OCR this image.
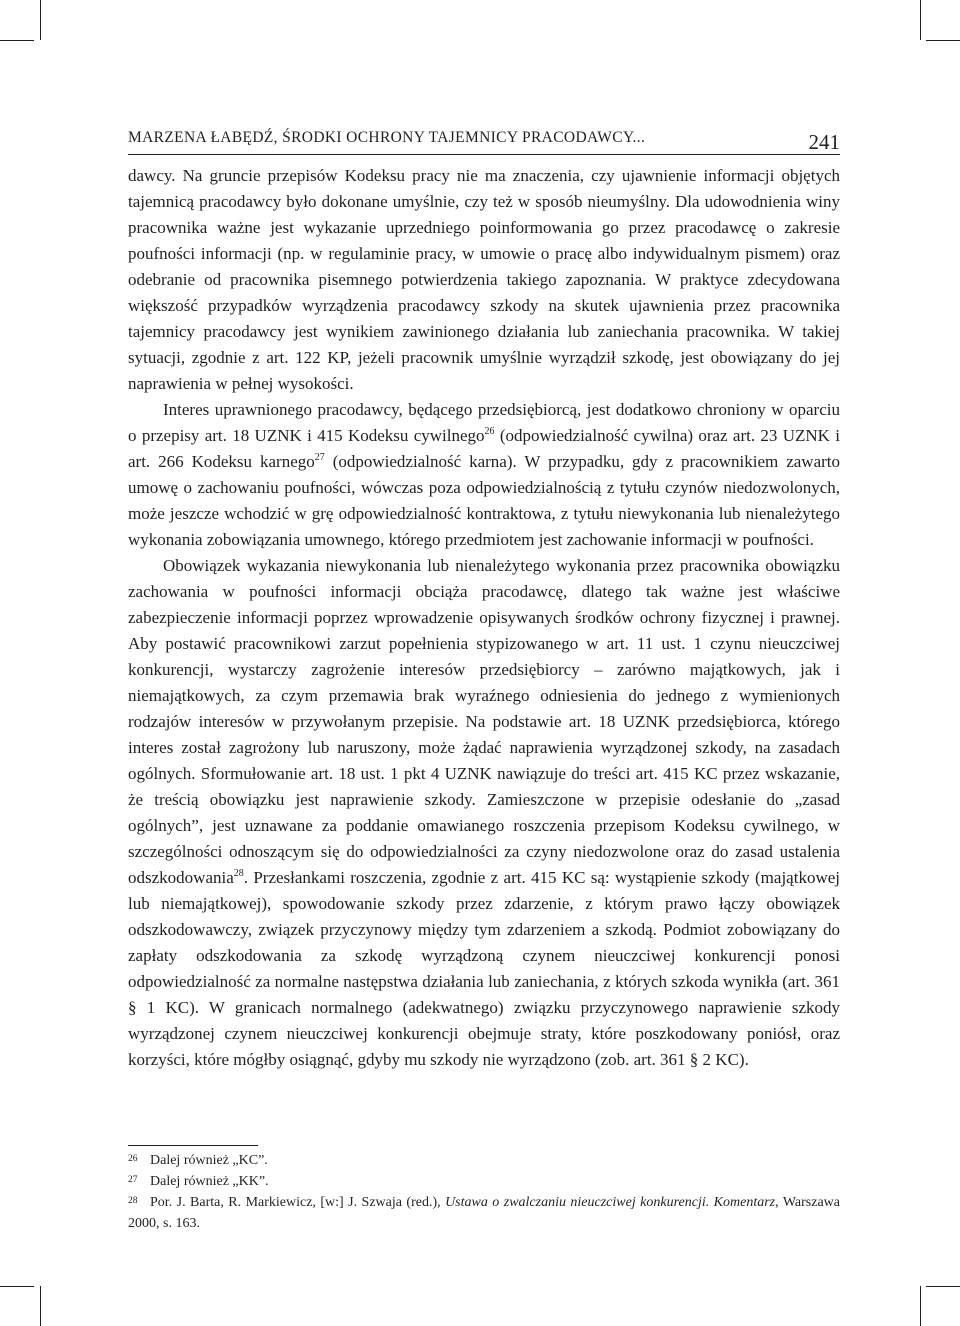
MARZENA ŁABĘDŹ, ŚRODKI OCHRONY TAJEMNICY PRACODAWCY...	241

dawcy. Na gruncie przepisów Kodeksu pracy nie ma znaczenia, czy ujawnienie informacji objętych tajemnicą pracodawcy było dokonane umyślnie, czy też w sposób nieumyślny. Dla udowodnienia winy pracownika ważne jest wykazanie uprzedniego poinformowania go przez pracodawcę o zakresie poufności informacji (np. w regulaminie pracy, w umowie o pracę albo indywidualnym pismem) oraz odebranie od pracownika pisemnego potwierdzenia takiego zapoznania. W praktyce zdecydowana większość przypadków wyrządzenia pracodawcy szkody na skutek ujawnienia przez pracownika tajemnicy pracodawcy jest wynikiem zawinionego działania lub zaniechania pracownika. W takiej sytuacji, zgodnie z art. 122 KP, jeżeli pracownik umyślnie wyrządził szkodę, jest obowiązany do jej naprawienia w pełnej wysokości.

Interes uprawnionego pracodawcy, będącego przedsiębiorcą, jest dodatkowo chroniony w oparciu o przepisy art. 18 UZNK i 415 Kodeksu cywilnego$^{26}$ (odpowiedzialność cywilna) oraz art. 23 UZNK i art. 266 Kodeksu karnego$^{27}$ (odpowiedzialność karna). W przypadku, gdy z pracownikiem zawarto umowę o zachowaniu poufności, wówczas poza odpowiedzialnością z tytułu czynów niedozwolonych, może jeszcze wchodzić w grę odpowiedzialność kontraktowa, z tytułu niewykonania lub nienależytego wykonania zobowiązania umownego, którego przedmiotem jest zachowanie informacji w poufności.

Obowiązek wykazania niewykonania lub nienależytego wykonania przez pracownika obowiązku zachowania w poufności informacji obciąża pracodawcę, dlatego tak ważne jest właściwe zabezpieczenie informacji poprzez wprowadzenie opisywanych środków ochrony fizycznej i prawnej. Aby postawić pracownikowi zarzut popełnienia stypizowanego w art. 11 ust. 1 czynu nieuczciwej konkurencji, wystarczy zagrożenie interesów przedsiębiorcy – zarówno majątkowych, jak i niemajątkowych, za czym przemawia brak wyraźnego odniesienia do jednego z wymienionych rodzajów interesów w przywołanym przepisie. Na podstawie art. 18 UZNK przedsiębiorca, którego interes został zagrożony lub naruszony, może żądać naprawienia wyrządzonej szkody, na zasadach ogólnych. Sformułowanie art. 18 ust. 1 pkt 4 UZNK nawiązuje do treści art. 415 KC przez wskazanie, że treścią obowiązku jest naprawienie szkody. Zamieszczone w przepisie odesłanie do „zasad ogólnych”, jest uznawane za poddanie omawianego roszczenia przepisom Kodeksu cywilnego, w szczególności odnoszącym się do odpowiedzialności za czyny niedozwolone oraz do zasad ustalenia odszkodowania$^{28}$. Przesłankami roszczenia, zgodnie z art. 415 KC są: wystąpienie szkody (majątkowej lub niemajątkowej), spowodowanie szkody przez zdarzenie, z którym prawo łączy obowiązek odszkodowawczy, związek przyczynowy między tym zdarzeniem a szkodą. Podmiot zobowiązany do zapłaty odszkodowania za szkodę wyrządzoną czynem nieuczciwej konkurencji ponosi odpowiedzialność za normalne następstwa działania lub zaniechania, z których szkoda wynikła (art. 361 § 1 KC). W granicach normalnego (adekwatnego) związku przyczynowego naprawienie szkody wyrządzonej czynem nieuczciwej konkurencji obejmuje straty, które poszkodowany poniósł, oraz korzyści, które mógłby osiągnąć, gdyby mu szkody nie wyrządzono (zob. art. 361 § 2 KC).

26 Dalej również „KC”.
27 Dalej również „KK”.
28 Por. J. Barta, R. Markiewicz, [w:] J. Szwaja (red.), Ustawa o zwalczaniu nieuczciwej konkurencji. Komentarz, Warszawa 2000, s. 163.
